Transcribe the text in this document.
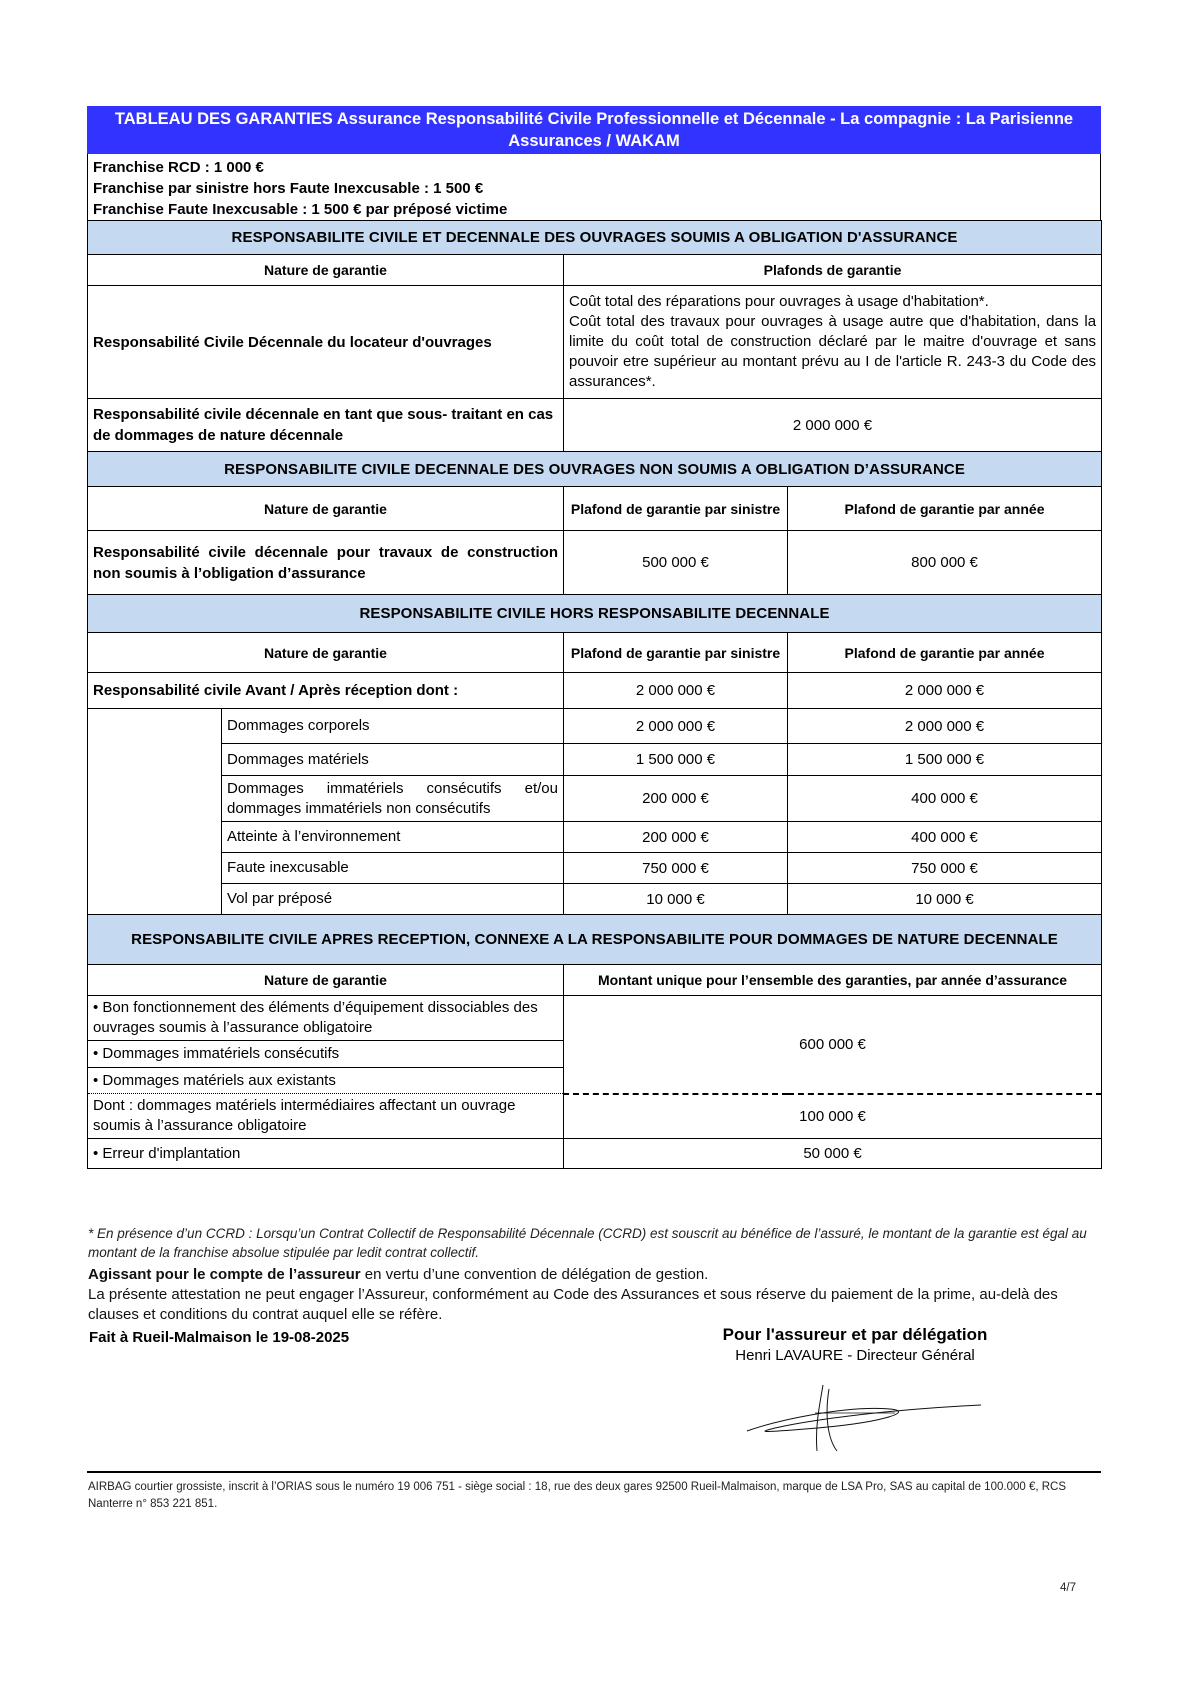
TABLEAU DES GARANTIES Assurance Responsabilité Civile Professionnelle et Décennale - La compagnie : La Parisienne Assurances / WAKAM
Franchise RCD : 1 000 €
Franchise par sinistre hors Faute Inexcusable : 1 500 €
Franchise Faute Inexcusable : 1 500 € par préposé victime
RESPONSABILITE CIVILE ET DECENNALE DES OUVRAGES SOUMIS A OBLIGATION D'ASSURANCE			
Nature de garantie		Plafonds de garantie	
Responsabilité Civile Décennale du locateur d'ouvrages		Coût total des réparations pour ouvrages à usage d'habitation*.
Coût total des travaux pour ouvrages à usage autre que d'habitation, dans la limite du coût total de construction déclaré par le maitre d'ouvrage et sans pouvoir etre supérieur au montant prévu au I de l'article R. 243-3 du Code des assurances*.	

Responsabilité civile décennale en tant que sous- traitant en cas de dommages de nature décennale		2 000 000 €	
RESPONSABILITE CIVILE DECENNALE DES OUVRAGES NON SOUMIS A OBLIGATION D’ASSURANCE			
Nature de garantie		Plafond de garantie par sinistre	Plafond de garantie par année
Responsabilité civile décennale pour travaux de construction non soumis à l’obligation d’assurance		500 000 €	800 000 €
RESPONSABILITE CIVILE HORS RESPONSABILITE DECENNALE			
Nature de garantie		Plafond de garantie par sinistre	Plafond de garantie par année
Responsabilité civile Avant / Après réception dont :		2 000 000 €	2 000 000 €
	Dommages corporels	2 000 000 €	2 000 000 €
	Dommages matériels	1 500 000 €	1 500 000 €
	Dommages immatériels consécutifs et/ou dommages immatériels non consécutifs	200 000 €	400 000 €
	Atteinte à l’environnement	200 000 €	400 000 €
	Faute inexcusable	750 000 €	750 000 €
	Vol par préposé	10 000 €	10 000 €
RESPONSABILITE CIVILE APRES RECEPTION, CONNEXE A LA RESPONSABILITE POUR DOMMAGES DE NATURE DECENNALE			
Nature de garantie		Montant unique pour l’ensemble des garanties, par année d’assurance	
• Bon fonctionnement des éléments d’équipement dissociables des ouvrages soumis à l’assurance obligatoire		600 000 €	
• Dommages immatériels consécutifs			
• Dommages matériels aux existants			
Dont : dommages matériels intermédiaires affectant un ouvrage soumis à l’assurance obligatoire		100 000 €	
• Erreur d'implantation		50 000 €	
* En présence d’un CCRD : Lorsqu’un Contrat Collectif de Responsabilité Décennale (CCRD) est souscrit au bénéfice de l’assuré, le montant de la garantie est égal au montant de la franchise absolue stipulée par ledit contrat collectif.
Agissant pour le compte de l’assureur en vertu d’une convention de délégation de gestion.
La présente attestation ne peut engager l’Assureur, conformément au Code des Assurances et sous réserve du paiement de la prime, au-delà des clauses et conditions du contrat auquel elle se réfère.
Fait à Rueil-Malmaison le 19-08-2025	Pour l'assureur et par délégation
Henri LAVAURE - Directeur Général
AIRBAG courtier grossiste, inscrit à l’ORIAS sous le numéro 19 006 751 - siège social : 18, rue des deux gares 92500 Rueil-Malmaison, marque de LSA Pro, SAS au capital de 100.000 €, RCS Nanterre n° 853 221 851.
4/7
